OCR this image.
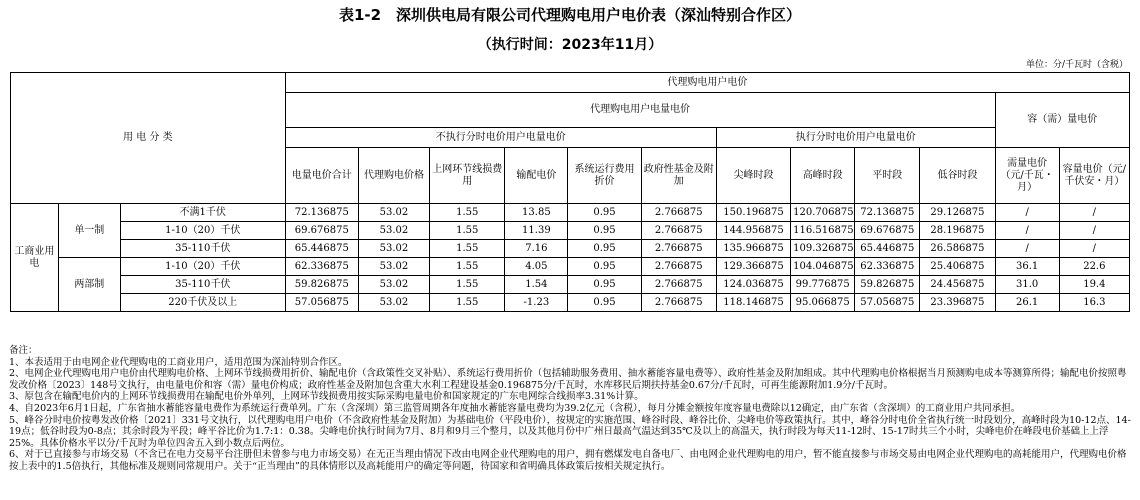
表1-2　深圳供电局有限公司代理购电用户电价表（深汕特别合作区）
（执行时间：2023年11月）
单位：分/千瓦时（含税）
用 电 分 类			代理购电用户电价											
			代理购电用户电量电价										容（需）量电价	
			不执行分时电价用户电量电价						执行分时电价用户电量电价					
			电量电价合计	代理购电价格	上网环节线损费用	输配电价	系统运行费用折价	政府性基金及附加	尖峰时段	高峰时段	平时段	低谷时段	需量电价（元/千瓦・月）	容量电价（元/千伏安・月）
工商业用电	单一制	不满1千伏	72.136875	53.02	1.55	13.85	0.95	2.766875	150.196875	120.706875	72.136875	29.126875	/	/
		1-10（20）千伏	69.676875	53.02	1.55	11.39	0.95	2.766875	144.956875	116.516875	69.676875	28.196875	/	/
		35-110千伏	65.446875	53.02	1.55	7.16	0.95	2.766875	135.966875	109.326875	65.446875	26.586875	/	/
	两部制	1-10（20）千伏	62.336875	53.02	1.55	4.05	0.95	2.766875	129.366875	104.046875	62.336875	25.406875	36.1	22.6
		35-110千伏	59.826875	53.02	1.55	1.54	0.95	2.766875	124.036875	99.776875	59.826875	24.456875	31.0	19.4
		220千伏及以上	57.056875	53.02	1.55	-1.23	0.95	2.766875	118.146875	95.066875	57.056875	23.396875	26.1	16.3

备注：

1、本表适用于由电网企业代理购电的工商业用户，适用范围为深汕特别合作区。

2、电网企业代理购电用户电价由代理购电价格、上网环节线损费用折价、输配电价（含政策性交叉补贴）、系统运行费用折价（包括辅助服务费用、抽水蓄能容量电费等）、政府性基金及附加组成。其中代理购电价格根据当月预测购电成本等测算所得；输配电价按照粤发改价格〔2023〕148号文执行，由电量电价和容（需）量电价构成；政府性基金及附加包含重大水利工程建设基金0.196875分/千瓦时，水库移民后期扶持基金0.67分/千瓦时，可再生能源附加1.9分/千瓦时。

3、原包含在输配电价内的上网环节线损费用在输配电价外单列，上网环节线损费用按实际采购电量电价和国家规定的广东电网综合线损率3.31%计算。

4、自2023年6月1日起，广东省抽水蓄能容量电费作为系统运行费单列。广东（含深圳）第三监管周期各年度抽水蓄能容量电费均为39.2亿元（含税），每月分摊金额按年度容量电费除以12确定，由广东省（含深圳）的工商业用户共同承担。

5、峰谷分时电价按粤发改价格〔2021〕331号文执行，以代理购电用户电价（不含政府性基金及附加）为基础电价（平段电价），按规定的实施范围、峰谷时段、峰谷比价、尖峰电价等政策执行。其中，峰谷分时电价全省执行统一时段划分，高峰时段为10-12点、14-19点；低谷时段为0-8点；其余时段为平段；峰平谷比价为1.7:1：0.38。尖峰电价执行时间为7月、8月和9月三个整月，以及其他月份中广州日最高气温达到35℃及以上的高温天，执行时段为每天11-12时、15-17时共三个小时，尖峰电价在峰段电价基础上上浮25%。具体价格水平以分/千瓦时为单位四舍五入到小数点后两位。

6、对于已直接参与市场交易（不含已在电力交易平台注册但未曾参与电力市场交易）在无正当理由情况下改由电网企业代理购电的用户，拥有燃煤发电自备电厂、由电网企业代理购电的用户，暂不能直接参与市场交易由电网企业代理购电的高耗能用户，代理购电价格按上表中的1.5倍执行，其他标准及规则同常规用户。关于“正当理由”的具体情形以及高耗能用户的确定等问题，待国家和省明确具体政策后按相关规定执行。
